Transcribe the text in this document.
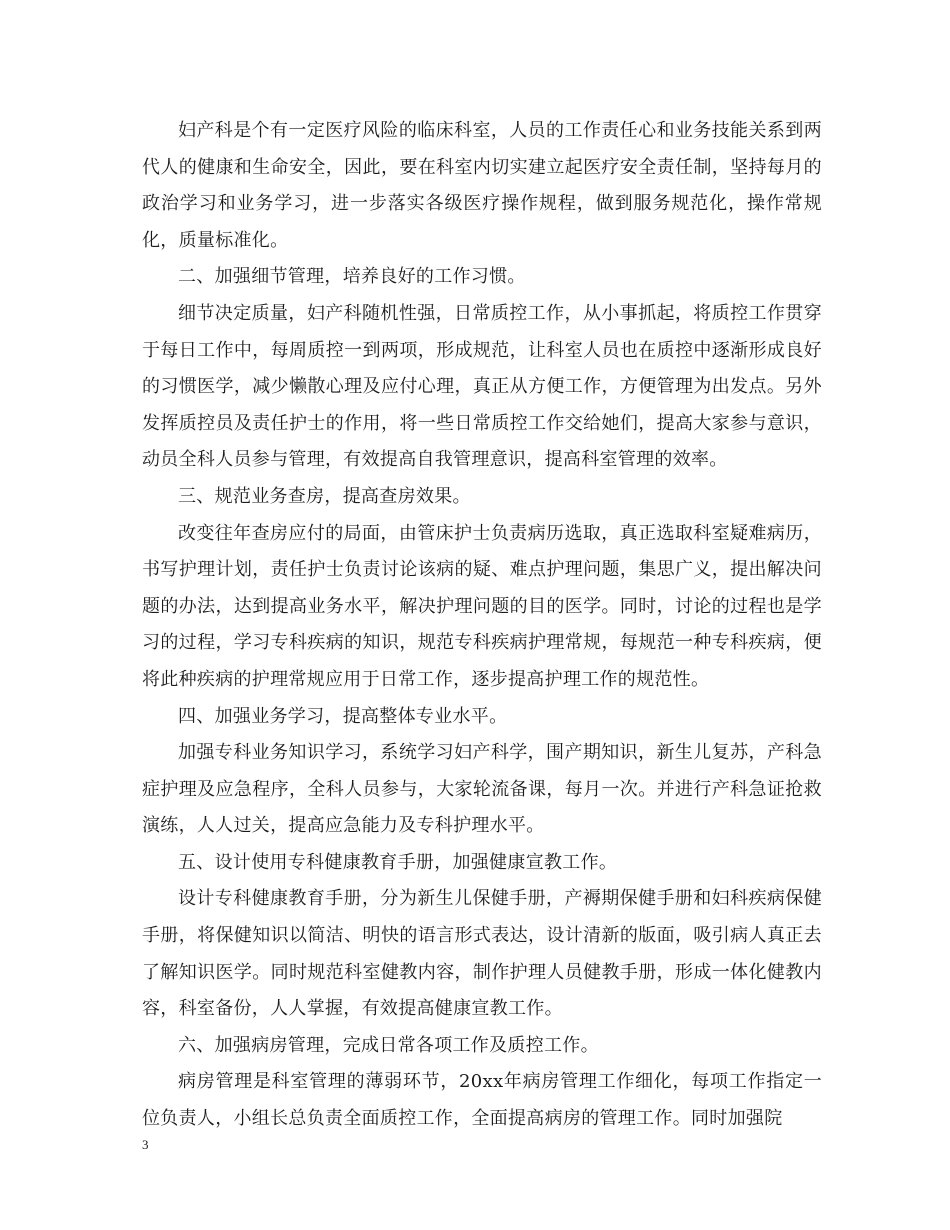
妇产科是个有一定医疗风险的临床科室，人员的工作责任心和业务技能关系到两代人的健康和生命安全，因此，要在科室内切实建立起医疗安全责任制，坚持每月的政治学习和业务学习，进一步落实各级医疗操作规程，做到服务规范化，操作常规化，质量标准化。

二、加强细节管理，培养良好的工作习惯。

细节决定质量，妇产科随机性强，日常质控工作，从小事抓起，将质控工作贯穿于每日工作中，每周质控一到两项，形成规范，让科室人员也在质控中逐渐形成良好的习惯医学，减少懒散心理及应付心理，真正从方便工作，方便管理为出发点。另外发挥质控员及责任护士的作用，将一些日常质控工作交给她们，提高大家参与意识，动员全科人员参与管理，有效提高自我管理意识，提高科室管理的效率。

三、规范业务查房，提高查房效果。

改变往年查房应付的局面，由管床护士负责病历选取，真正选取科室疑难病历，书写护理计划，责任护士负责讨论该病的疑、难点护理问题，集思广义，提出解决问题的办法，达到提高业务水平，解决护理问题的目的医学。同时，讨论的过程也是学习的过程，学习专科疾病的知识，规范专科疾病护理常规，每规范一种专科疾病，便将此种疾病的护理常规应用于日常工作，逐步提高护理工作的规范性。

四、加强业务学习，提高整体专业水平。

加强专科业务知识学习，系统学习妇产科学，围产期知识，新生儿复苏，产科急症护理及应急程序，全科人员参与，大家轮流备课，每月一次。并进行产科急证抢救演练，人人过关，提高应急能力及专科护理水平。

五、设计使用专科健康教育手册，加强健康宣教工作。

设计专科健康教育手册，分为新生儿保健手册，产褥期保健手册和妇科疾病保健手册，将保健知识以简洁、明快的语言形式表达，设计清新的版面，吸引病人真正去了解知识医学。同时规范科室健教内容，制作护理人员健教手册，形成一体化健教内容，科室备份，人人掌握，有效提高健康宣教工作。

六、加强病房管理，完成日常各项工作及质控工作。

病房管理是科室管理的薄弱环节，20xx年病房管理工作细化，每项工作指定一位负责人，小组长总负责全面质控工作，全面提高病房的管理工作。同时加强院

3
